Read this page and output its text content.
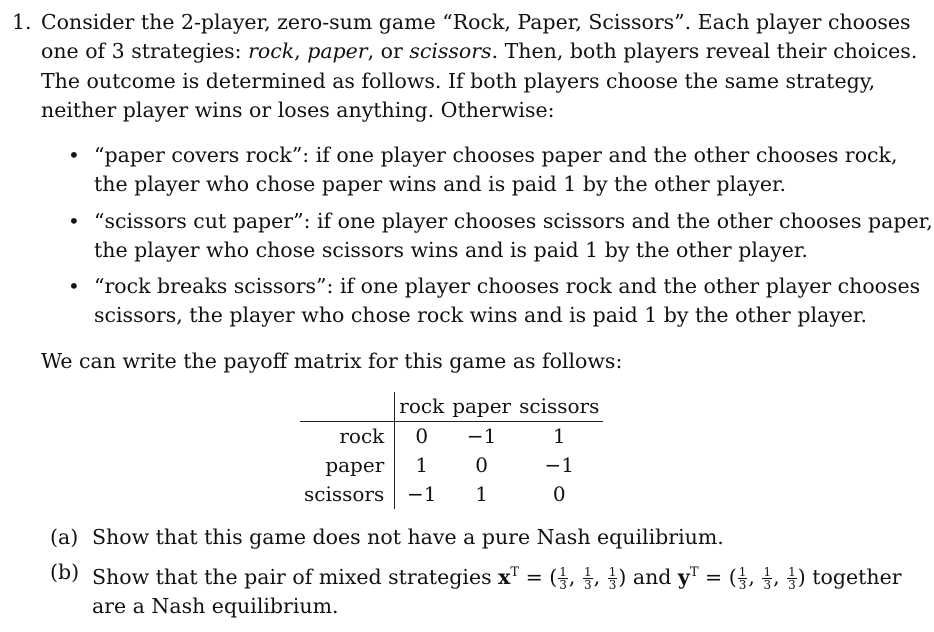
1. Consider the 2-player, zero-sum game “Rock, Paper, Scissors”. Each player chooses
one of 3 strategies: rock, paper, or scissors. Then, both players reveal their choices.
The outcome is determined as follows. If both players choose the same strategy,
neither player wins or loses anything. Otherwise:
• “paper covers rock”: if one player chooses paper and the other chooses rock,
the player who chose paper wins and is paid 1 by the other player.
• “scissors cut paper”: if one player chooses scissors and the other chooses paper,
the player who chose scissors wins and is paid 1 by the other player.
• “rock breaks scissors”: if one player chooses rock and the other player chooses
scissors, the player who chose rock wins and is paid 1 by the other player.
We can write the payoff matrix for this game as follows:
	rock	paper	scissors
rock	0	−1	1
paper	1	0	−1
scissors	−1	1	0
(a) Show that this game does not have a pure Nash equilibrium.
(b) Show that the pair of mixed strategies $x^T$ = ( $\frac{1}{3}$ , $\frac{1}{3}$ , $\frac{1}{3}$ ) and $y^T$ = ( $\frac{1}{3}$ , $\frac{1}{3}$ , $\frac{1}{3}$ ) together
are a Nash equilibrium.
